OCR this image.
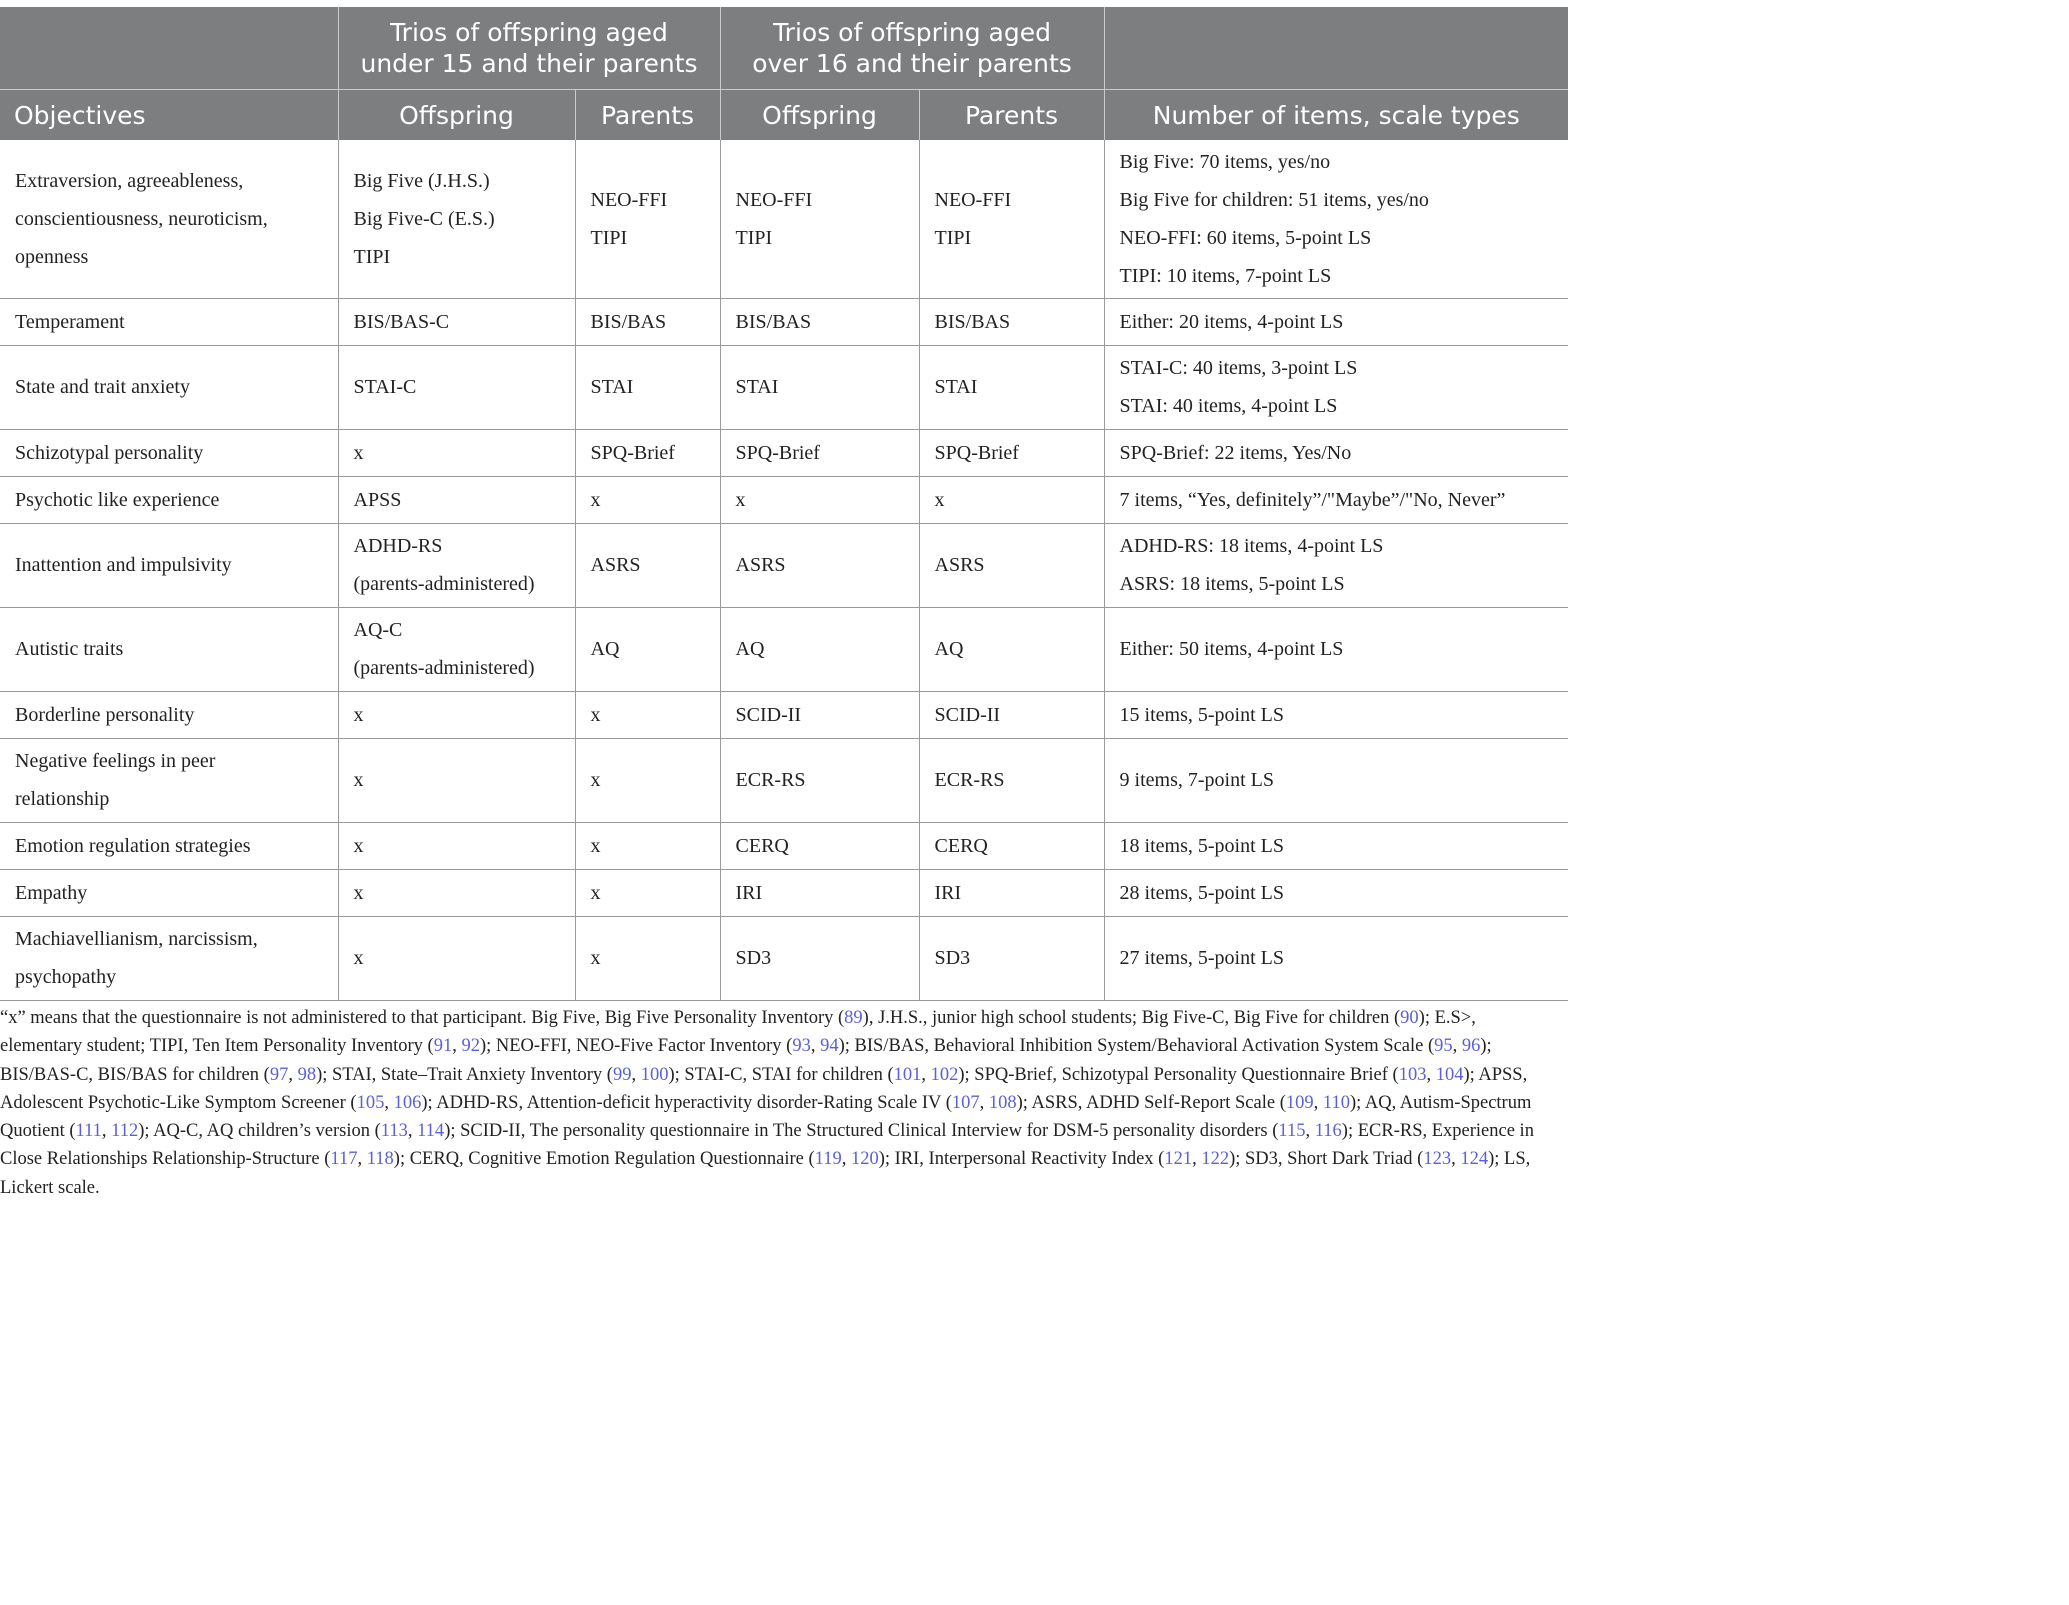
	Trios of offspring aged
under 15 and their parents		Trios of offspring aged
over 16 and their parents		
Objectives	Offspring	Parents	Offspring	Parents	Number of items, scale types

Extraversion, agreeableness,
conscientiousness, neuroticism,
openness	Big Five (J.H.S.)
Big Five-C (E.S.)
TIPI	NEO-FFI
TIPI	NEO-FFI
TIPI	NEO-FFI
TIPI	Big Five: 70 items, yes/no
Big Five for children: 51 items, yes/no
NEO-FFI: 60 items, 5-point LS
TIPI: 10 items, 7-point LS

Temperament	BIS/BAS-C	BIS/BAS	BIS/BAS	BIS/BAS	Either: 20 items, 4-point LS

State and trait anxiety	STAI-C	STAI	STAI	STAI	STAI-C: 40 items, 3-point LS
STAI: 40 items, 4-point LS

Schizotypal personality	x	SPQ-Brief	SPQ-Brief	SPQ-Brief	SPQ-Brief: 22 items, Yes/No

Psychotic like experience	APSS	x	x	x	7 items, “Yes, definitely”/"Maybe”/"No, Never”

Inattention and impulsivity	ADHD-RS
(parents-administered)	ASRS	ASRS	ASRS	ADHD-RS: 18 items, 4-point LS
ASRS: 18 items, 5-point LS

Autistic traits	AQ-C
(parents-administered)	AQ	AQ	AQ	Either: 50 items, 4-point LS

Borderline personality	x	x	SCID-II	SCID-II	15 items, 5-point LS

Negative feelings in peer
relationship	x	x	ECR-RS	ECR-RS	9 items, 7-point LS

Emotion regulation strategies	x	x	CERQ	CERQ	18 items, 5-point LS

Empathy	x	x	IRI	IRI	28 items, 5-point LS

Machiavellianism, narcissism,
psychopathy	x	x	SD3	SD3	27 items, 5-point LS
“x” means that the questionnaire is not administered to that participant. Big Five, Big Five Personality Inventory (89), J.H.S., junior high school students; Big Five-C, Big Five for children (90); E.S>, elementary student; TIPI, Ten Item Personality Inventory (91, 92); NEO-FFI, NEO-Five Factor Inventory (93, 94); BIS/BAS, Behavioral Inhibition System/Behavioral Activation System Scale (95, 96); BIS/BAS-C, BIS/BAS for children (97, 98); STAI, State–Trait Anxiety Inventory (99, 100); STAI-C, STAI for children (101, 102); SPQ-Brief, Schizotypal Personality Questionnaire Brief (103, 104); APSS, Adolescent Psychotic-Like Symptom Screener (105, 106); ADHD-RS, Attention-deficit hyperactivity disorder-Rating Scale IV (107, 108); ASRS, ADHD Self-Report Scale (109, 110); AQ, Autism-Spectrum Quotient (111, 112); AQ-C, AQ children’s version (113, 114); SCID-II, The personality questionnaire in The Structured Clinical Interview for DSM-5 personality disorders (115, 116); ECR-RS, Experience in Close Relationships Relationship-Structure (117, 118); CERQ, Cognitive Emotion Regulation Questionnaire (119, 120); IRI, Interpersonal Reactivity Index (121, 122); SD3, Short Dark Triad (123, 124); LS, Lickert scale.
